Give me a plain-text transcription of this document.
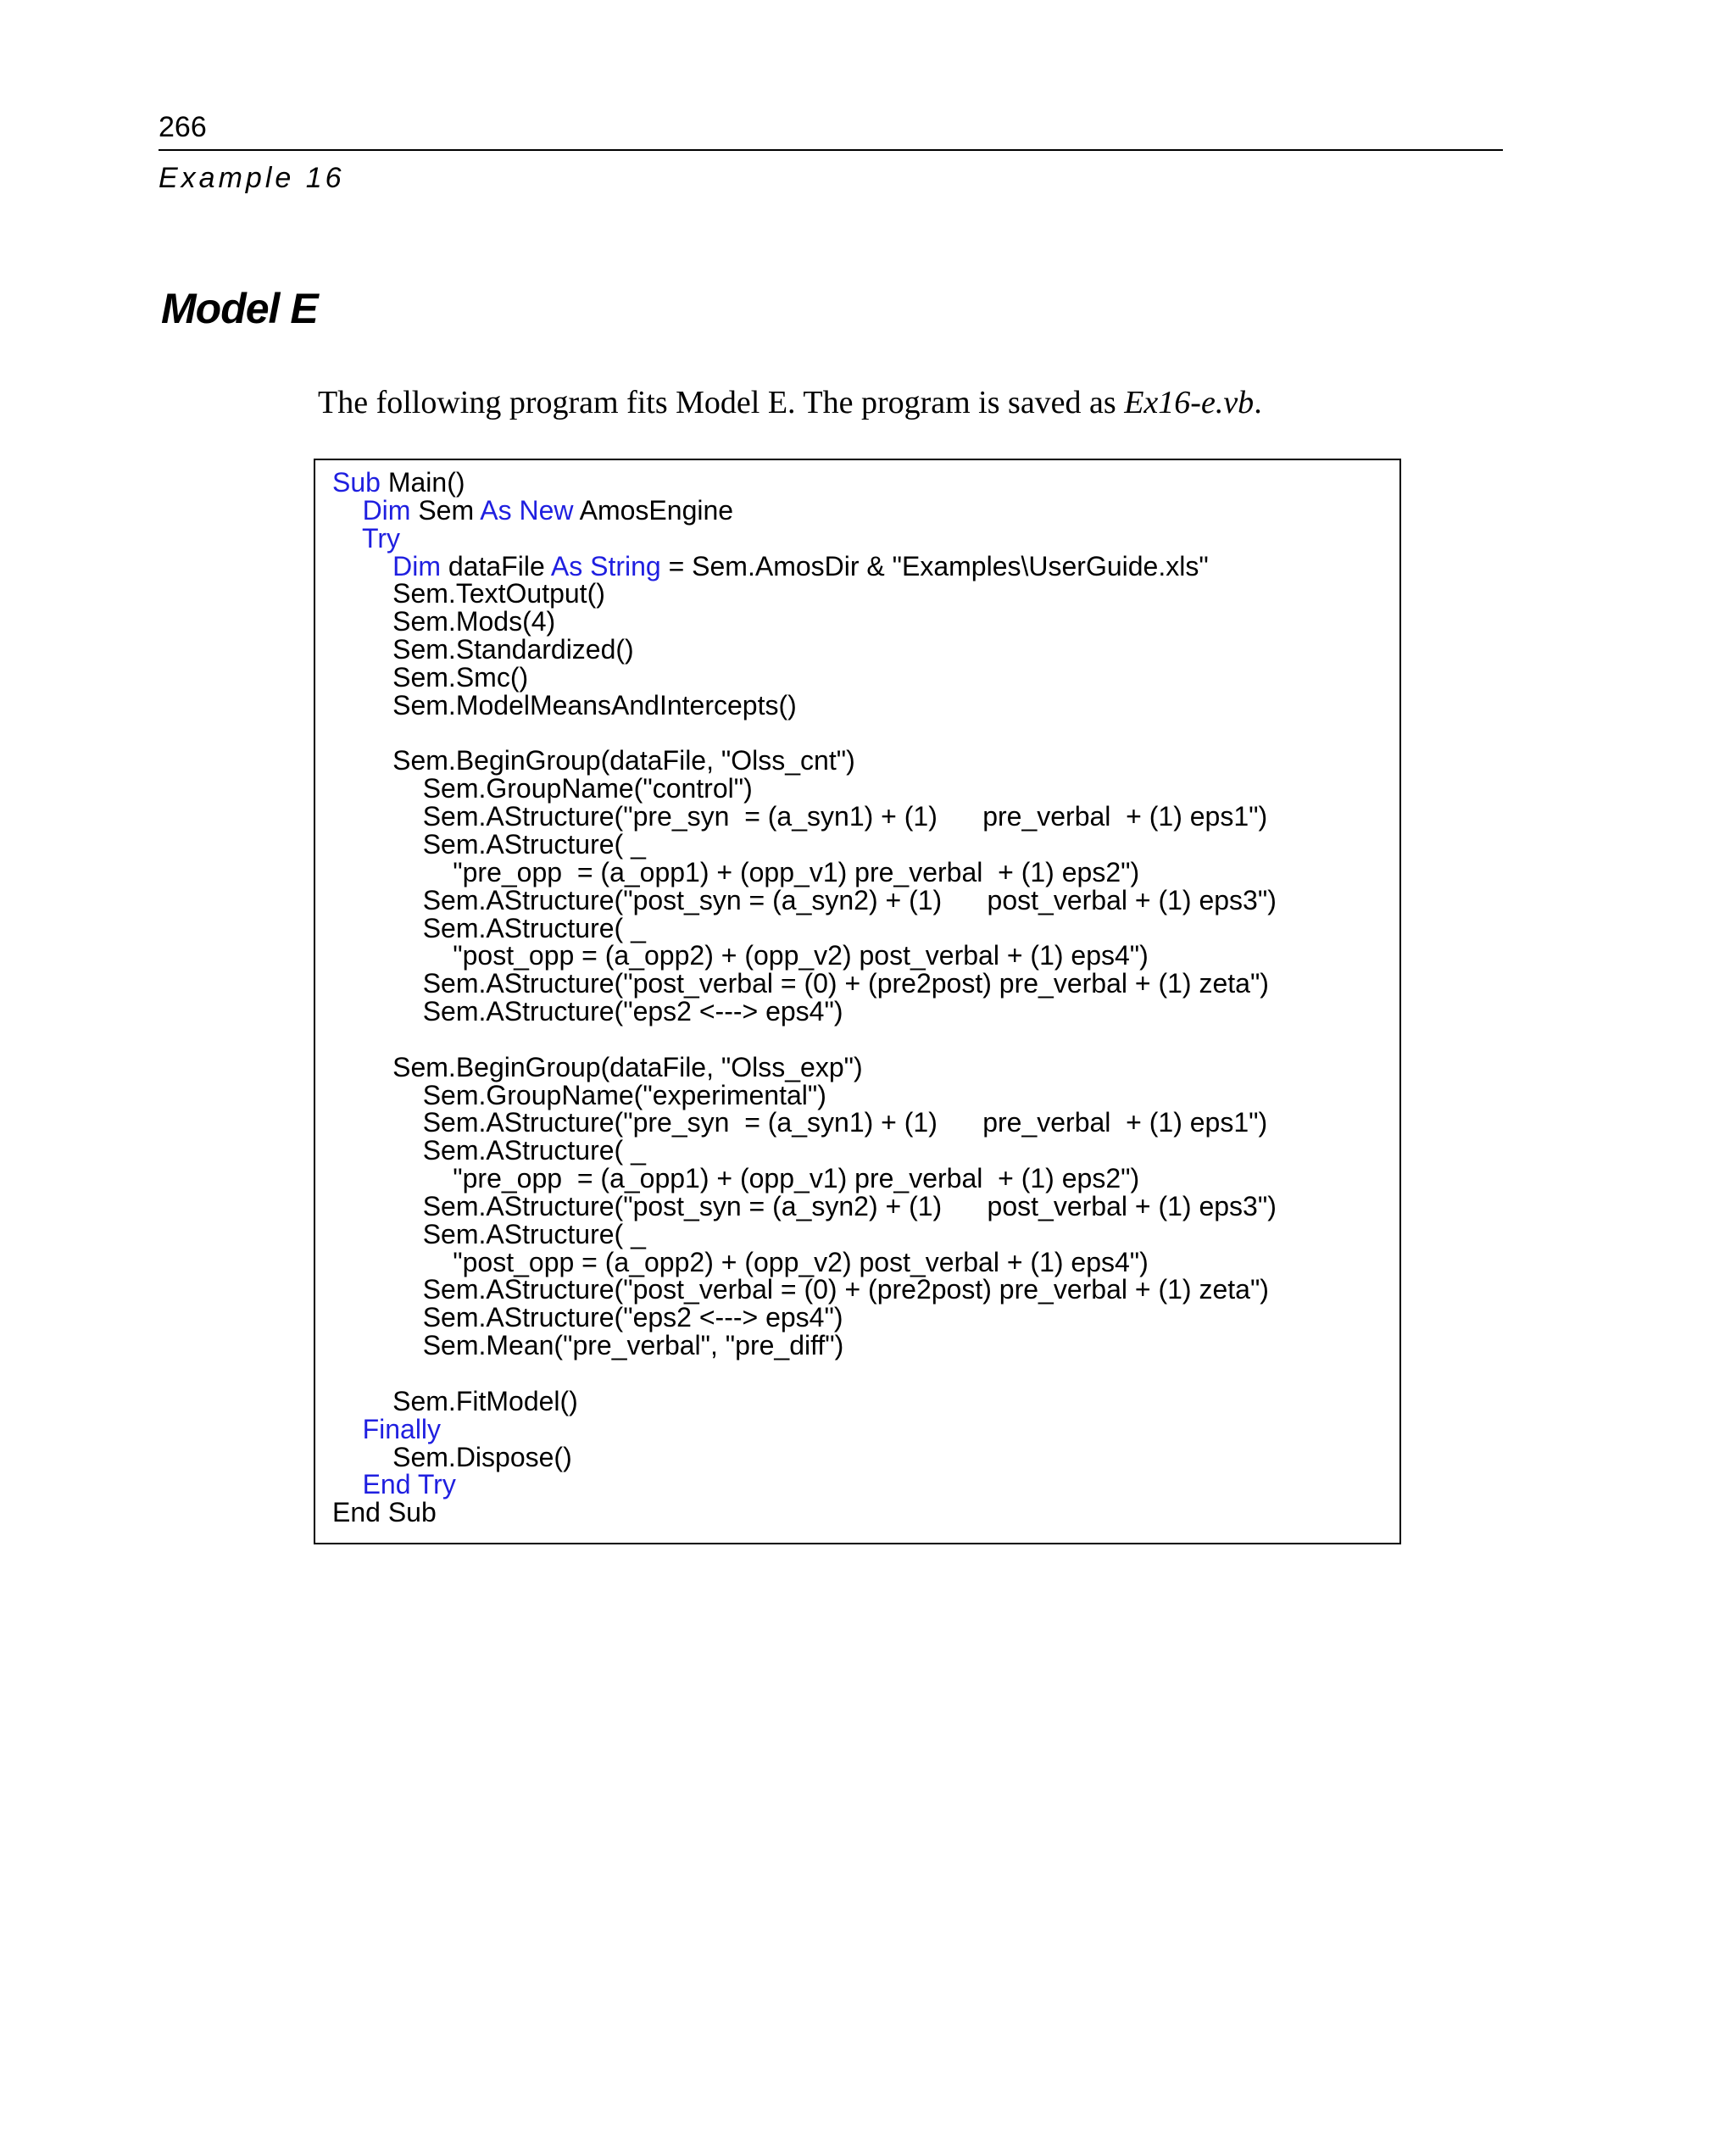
266
Example 16
Model E

The following program fits Model E. The program is saved as Ex16-e.vb.

Sub Main()
Dim Sem As New AmosEngine
Try
Dim dataFile As String = Sem.AmosDir & "Examples\UserGuide.xls"
Sem.TextOutput()
Sem.Mods(4)
Sem.Standardized()
Sem.Smc()
Sem.ModelMeansAndIntercepts()

Sem.BeginGroup(dataFile, "Olss_cnt")
Sem.GroupName("control")
Sem.AStructure("pre_syn  = (a_syn1) + (1)      pre_verbal  + (1) eps1")
Sem.AStructure( _
"pre_opp  = (a_opp1) + (opp_v1) pre_verbal  + (1) eps2")
Sem.AStructure("post_syn = (a_syn2) + (1)      post_verbal + (1) eps3")
Sem.AStructure( _
"post_opp = (a_opp2) + (opp_v2) post_verbal + (1) eps4")
Sem.AStructure("post_verbal = (0) + (pre2post) pre_verbal + (1) zeta")
Sem.AStructure("eps2 <---> eps4")

Sem.BeginGroup(dataFile, "Olss_exp")
Sem.GroupName("experimental")
Sem.AStructure("pre_syn  = (a_syn1) + (1)      pre_verbal  + (1) eps1")
Sem.AStructure( _
"pre_opp  = (a_opp1) + (opp_v1) pre_verbal  + (1) eps2")
Sem.AStructure("post_syn = (a_syn2) + (1)      post_verbal + (1) eps3")
Sem.AStructure( _
"post_opp = (a_opp2) + (opp_v2) post_verbal + (1) eps4")
Sem.AStructure("post_verbal = (0) + (pre2post) pre_verbal + (1) zeta")
Sem.AStructure("eps2 <---> eps4")
Sem.Mean("pre_verbal", "pre_diff")

Sem.FitModel()
Finally
Sem.Dispose()
End Try
End Sub
